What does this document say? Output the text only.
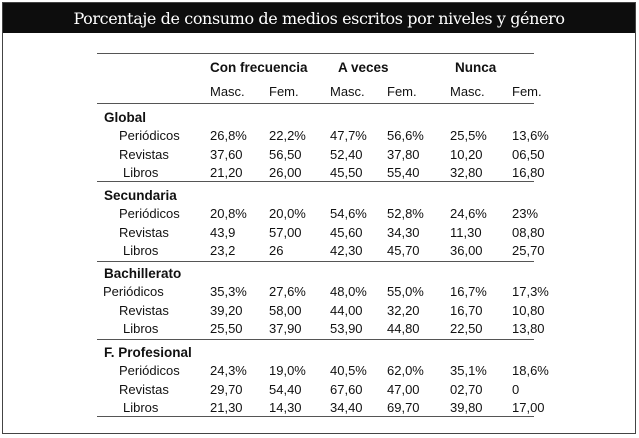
Porcentaje de consumo de medios escritos por niveles y género
Con frecuencia A veces	Nunca
Masc. Fem. Masc. Fem.	Masc. Fem.
Global
Periódicos 26,8% 22,2% 47,7% 56,6% 25,5% 13,6%
Revistas	37,60 56,50 52,40 37,80 10,20 06,50
Libros	21,20 26,00 45,50 55,40 32,80 16,80
Secundaria
Periódicos 20,8% 20,0% 54,6% 52,8% 24,6% 23%
Revistas	43,9	57,00 45,60 34,30 11,30 08,80
Libros	23,2	26	42,30 45,70 36,00 25,70
Bachillerato
Periódicos	35,3% 27,6% 48,0% 55,0% 16,7% 17,3%
Revistas	39,20 58,00 44,00 32,20 16,70 10,80
Libros	25,50 37,90 53,90 44,80 22,50 13,80
F. Profesional
Periódicos 24,3% 19,0% 40,5% 62,0% 35,1% 18,6%
Revistas	29,70 54,40 67,60 47,00 02,70 0
Libros	21,30 14,30 34,40 69,70 39,80 17,00
